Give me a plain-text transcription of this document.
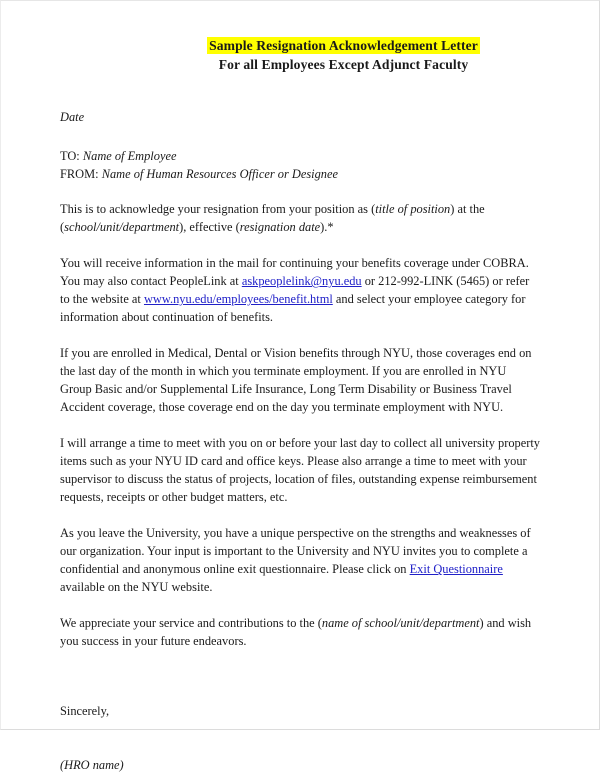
Sample Resignation Acknowledgement Letter
For all Employees Except Adjunct Faculty
Date
TO: Name of Employee
FROM: Name of Human Resources Officer or Designee

This is to acknowledge your resignation from your position as (title of position) at the (school/unit/department), effective (resignation date).*

You will receive information in the mail for continuing your benefits coverage under COBRA. You may also contact PeopleLink at askpeoplelink@nyu.edu or 212-992-LINK (5465) or refer to the website at www.nyu.edu/employees/benefit.html and select your employee category for information about continuation of benefits.

If you are enrolled in Medical, Dental or Vision benefits through NYU, those coverages end on the last day of the month in which you terminate employment. If you are enrolled in NYU Group Basic and/or Supplemental Life Insurance, Long Term Disability or Business Travel Accident coverage, those coverage end on the day you terminate employment with NYU.

I will arrange a time to meet with you on or before your last day to collect all university property items such as your NYU ID card and office keys. Please also arrange a time to meet with your supervisor to discuss the status of projects, location of files, outstanding expense reimbursement requests, receipts or other budget matters, etc.

As you leave the University, you have a unique perspective on the strengths and weaknesses of our organization. Your input is important to the University and NYU invites you to complete a confidential and anonymous online exit questionnaire. Please click on Exit Questionnaire available on the NYU website.

We appreciate your service and contributions to the (name of school/unit/department) and wish you success in your future endeavors.

Sincerely,
(HRO name)
